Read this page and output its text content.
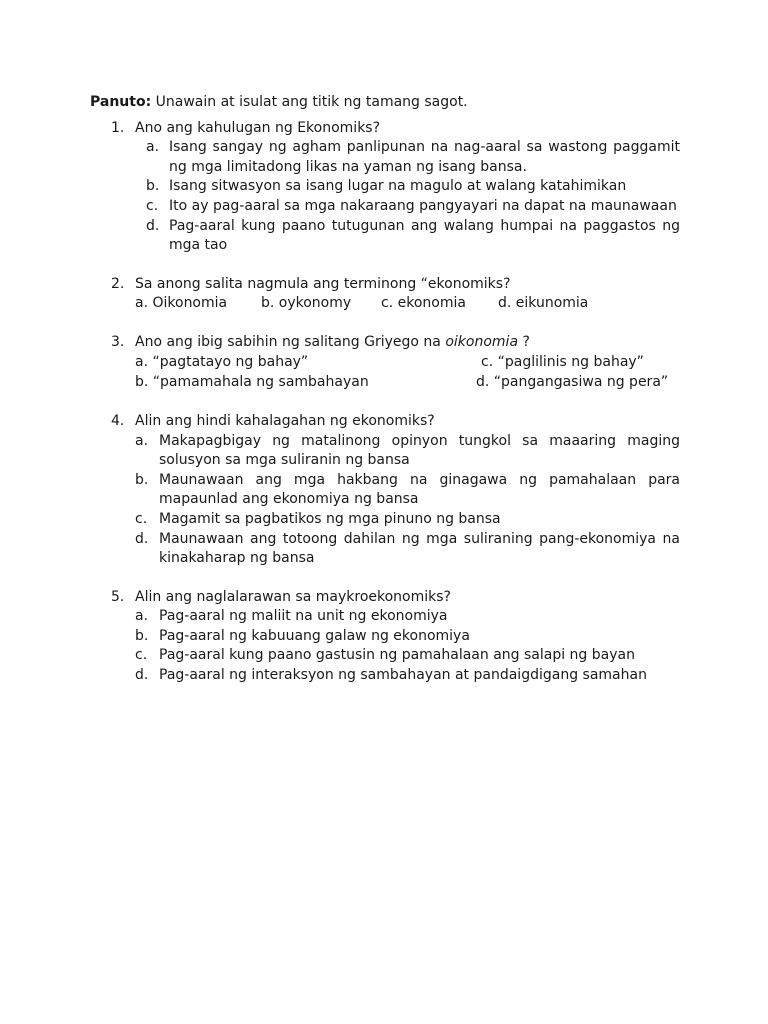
Panuto: Unawain at isulat ang titik ng tamang sagot.

1. Ano ang kahulugan ng Ekonomiks?
a. Isang sangay ng agham panlipunan na nag-aaral sa wastong paggamit ng mga limitadong likas na yaman ng isang bansa.
b. Isang sitwasyon sa isang lugar na magulo at walang katahimikan
c. Ito ay pag-aaral sa mga nakaraang pangyayari na dapat na maunawaan
d. Pag-aaral kung paano tutugunan ang walang humpai na paggastos ng mga tao
2. Sa anong salita nagmula ang terminong “ekonomiks?
a. Oikonomia b. oykonomy c. ekonomia d. eikunomia
3. Ano ang ibig sabihin ng salitang Griyego na oikonomia ?
a. “pagtatayo ng bahay”	c. “paglilinis ng bahay”
b. “pamamahala ng sambahayan	d. “pangangasiwa ng pera”
4. Alin ang hindi kahalagahan ng ekonomiks?
a. Makapagbigay ng matalinong opinyon tungkol sa maaaring maging solusyon sa mga suliranin ng bansa
b. Maunawaan ang mga hakbang na ginagawa ng pamahalaan para mapaunlad ang ekonomiya ng bansa
c. Magamit sa pagbatikos ng mga pinuno ng bansa
d. Maunawaan ang totoong dahilan ng mga suliraning pang-ekonomiya na kinakaharap ng bansa
5. Alin ang naglalarawan sa maykroekonomiks?
a. Pag-aaral ng maliit na unit ng ekonomiya
b. Pag-aaral ng kabuuang galaw ng ekonomiya
c. Pag-aaral kung paano gastusin ng pamahalaan ang salapi ng bayan
d. Pag-aaral ng interaksyon ng sambahayan at pandaigdigang samahan
